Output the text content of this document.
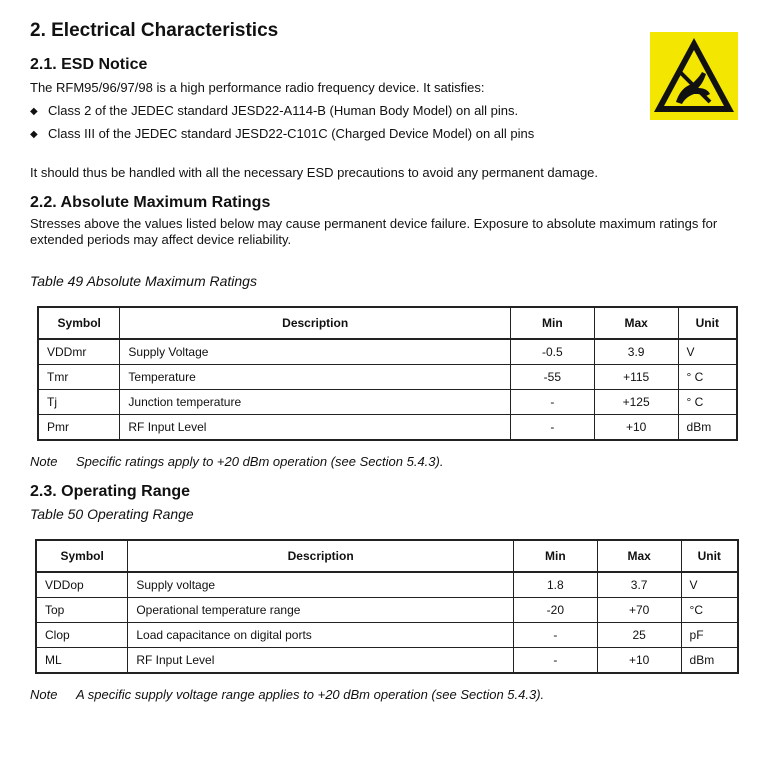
2. Electrical Characteristics
2.1. ESD Notice

The RFM95/96/97/98 is a high performance radio frequency device. It satisfies:

◆ Class 2 of the JEDEC standard JESD22-A114-B (Human Body Model) on all pins.
◆ Class III of the JEDEC standard JESD22-C101C (Charged Device Model) on all pins

It should thus be handled with all the necessary ESD precautions to avoid any permanent damage.

2.2. Absolute Maximum Ratings

Stresses above the values listed below may cause permanent device failure. Exposure to absolute maximum ratings for extended periods may affect device reliability.

Table 49 Absolute Maximum Ratings
Symbol	Description	Min	Max	Unit
VDDmr	Supply Voltage	-0.5	3.9	V
Tmr	Temperature	-55	+115	° C
Tj	Junction temperature	-	+125	° C
Pmr	RF Input Level	-	+10	dBm
Note Specific ratings apply to +20 dBm operation (see Section 5.4.3).
2.3. Operating Range
Table 50 Operating Range
Symbol	Description	Min	Max	Unit
VDDop	Supply voltage	1.8	3.7	V
Top	Operational temperature range	-20	+70	°C
Clop	Load capacitance on digital ports	-	25	pF
ML	RF Input Level	-	+10	dBm
Note A specific supply voltage range applies to +20 dBm operation (see Section 5.4.3).
